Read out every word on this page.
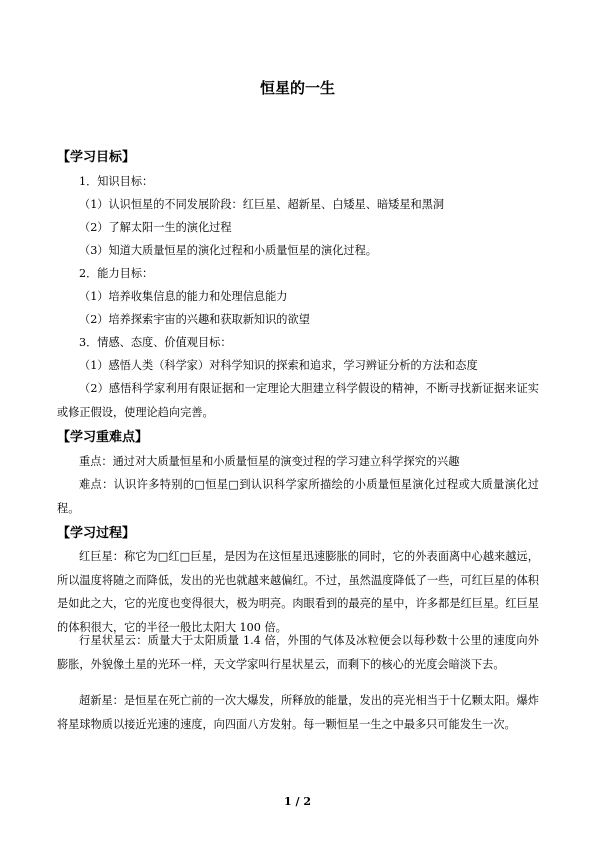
恒星的一生
【学习目标】
1．知识目标：
（1）认识恒星的不同发展阶段：红巨星、超新星、白矮星、暗矮星和黑洞
（2）了解太阳一生的演化过程
（3）知道大质量恒星的演化过程和小质量恒星的演化过程。
2．能力目标：
（1）培养收集信息的能力和处理信息能力
（2）培养探索宇宙的兴趣和获取新知识的欲望
3．情感、态度、价值观目标：
（1）感悟人类（科学家）对科学知识的探索和追求，学习辨证分析的方法和态度

（2）感悟科学家利用有限证据和一定理论大胆建立科学假设的精神，不断寻找新证据来证实或修正假设，使理论趋向完善。

【学习重难点】
重点：通过对大质量恒星和小质量恒星的演变过程的学习建立科学探究的兴趣

难点：认识许多特别的□恒星□到认识科学家所描绘的小质量恒星演化过程或大质量演化过程。

【学习过程】

红巨星：称它为□红□巨星，是因为在这恒星迅速膨胀的同时，它的外表面离中心越来越远，所以温度将随之而降低，发出的光也就越来越偏红。不过，虽然温度降低了一些，可红巨星的体积是如此之大，它的光度也变得很大，极为明亮。肉眼看到的最亮的星中，许多都是红巨星。红巨星的体积很大，它的半径一般比太阳大 100 倍。

行星状星云：质量大于太阳质量 1.4 倍，外围的气体及冰粒便会以每秒数十公里的速度向外膨胀，外貌像土星的光环一样，天文学家叫行星状星云，而剩下的核心的光度会暗淡下去。

超新星：是恒星在死亡前的一次大爆发，所释放的能量，发出的亮光相当于十亿颗太阳。爆炸将星球物质以接近光速的速度，向四面八方发射。每一颗恒星一生之中最多只可能发生一次。

1 / 2
